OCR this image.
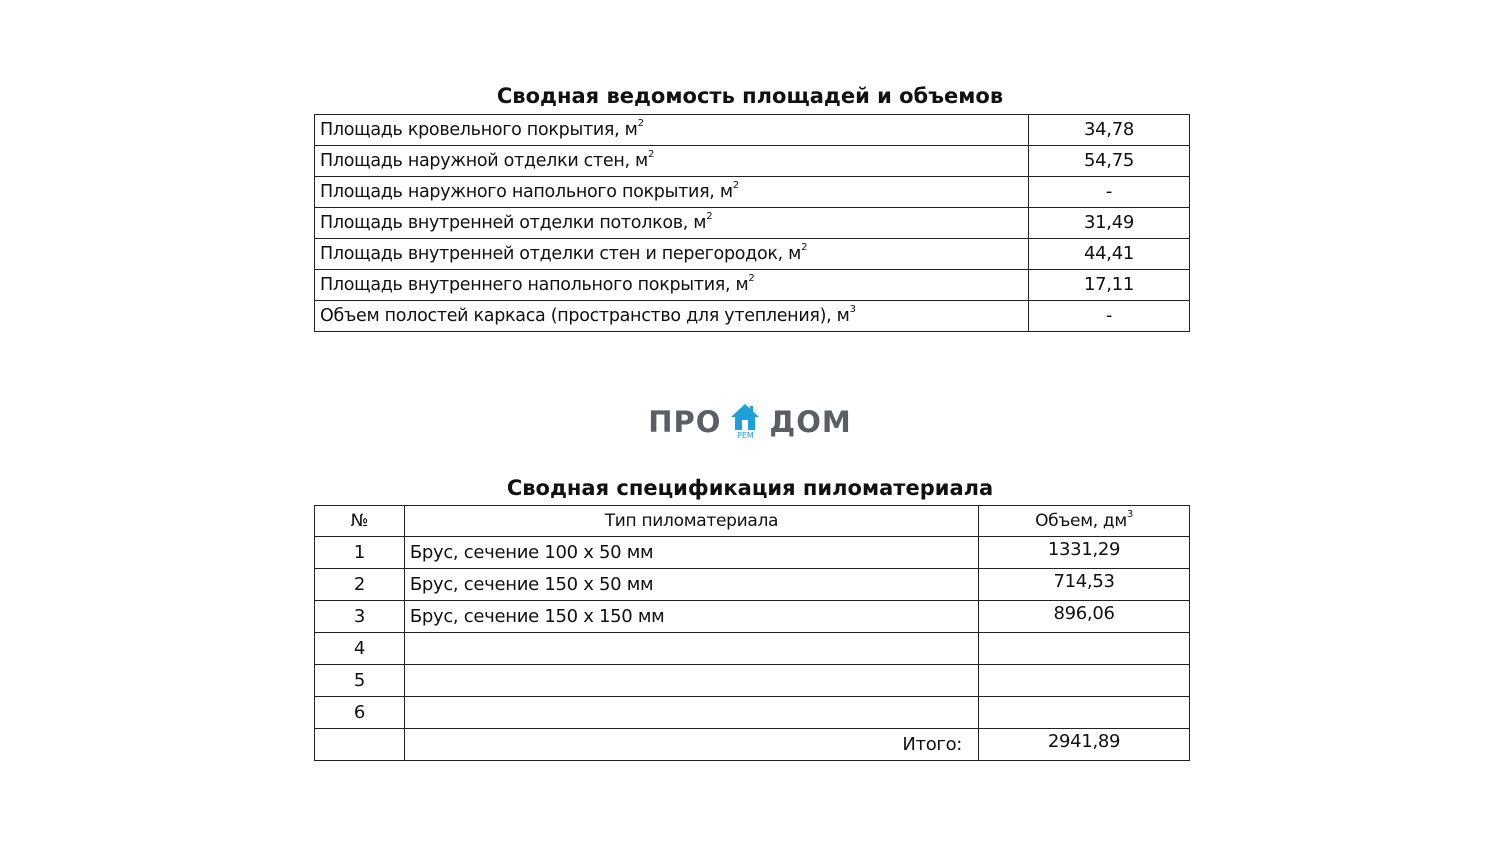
Сводная ведомость площадей и объемов
Площадь кровельного покрытия, $м^2$	34,78
Площадь наружной отделки стен, $м^2$	54,75
Площадь наружного напольного покрытия, $м^2$	-
Площадь внутренней отделки потолков, $м^2$	31,49
Площадь внутренней отделки стен и перегородок, $м^2$	44,41
Площадь внутреннего напольного покрытия, $м^2$	17,11
Объем полостей каркаса (пространство для утепления), $м^3$	-
ПРО	РЕМ ДОМ
Сводная спецификация пиломатериала
№	Тип пиломатериала	Объем, $дм^3$
1	Брус, сечение 100 х 50 мм	1331,29
2	Брус, сечение 150 х 50 мм	714,53
3	Брус, сечение 150 х 150 мм	896,06
4		
5		
6		
	Итого:	2941,89
